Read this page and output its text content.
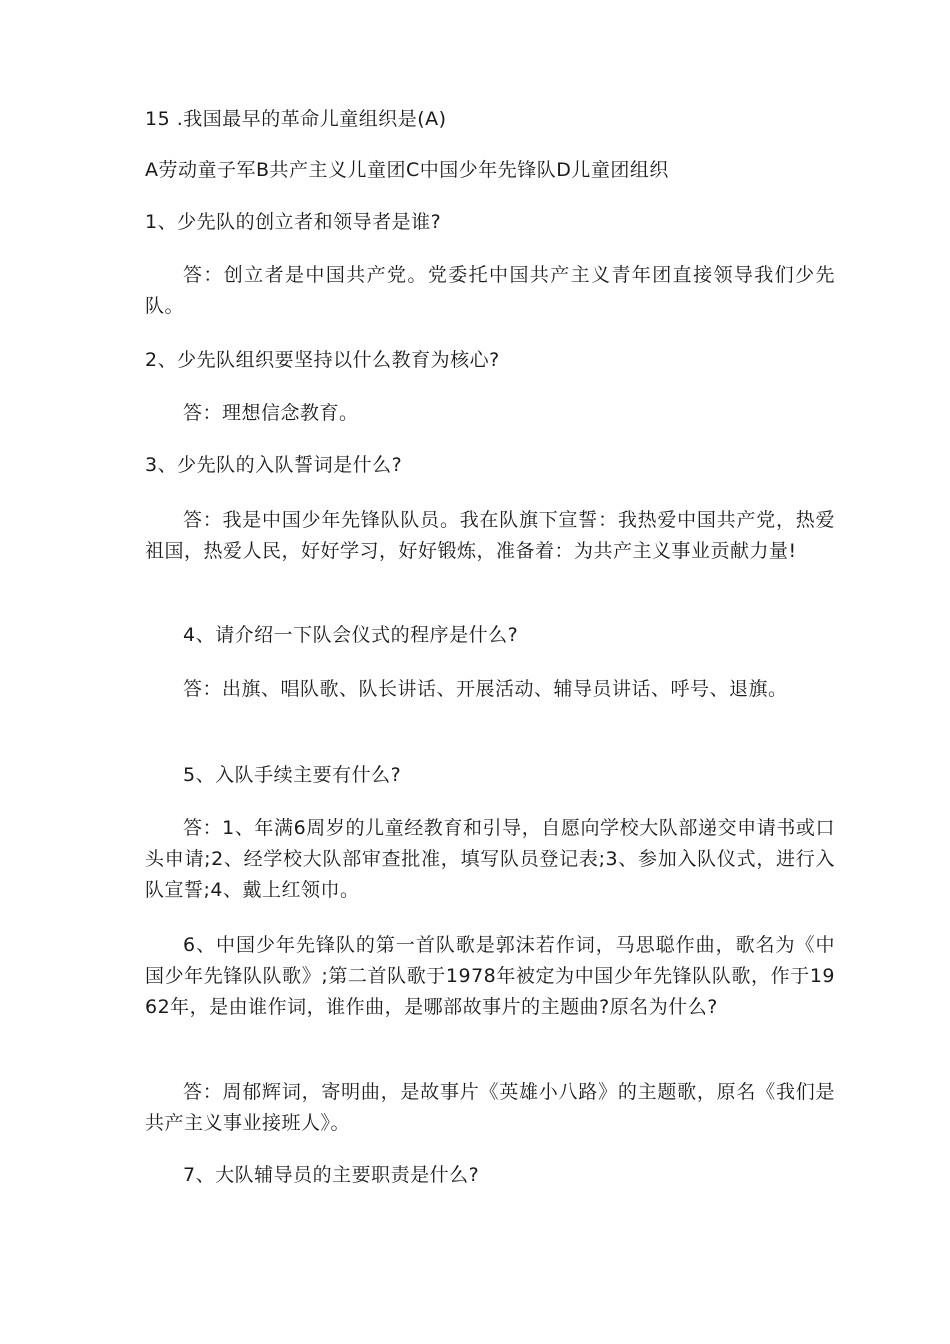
15 .我国最早的革命儿童组织是(A)

A劳动童子军B共产主义儿童团C中国少年先锋队D儿童团组织

1、少先队的创立者和领导者是谁?

答：创立者是中国共产党。党委托中国共产主义青年团直接领导我们少先队。

2、少先队组织要坚持以什么教育为核心?

答：理想信念教育。

3、少先队的入队誓词是什么?

答：我是中国少年先锋队队员。我在队旗下宣誓：我热爱中国共产党，热爱祖国，热爱人民，好好学习，好好锻炼，准备着：为共产主义事业贡献力量!

4、请介绍一下队会仪式的程序是什么?

答：出旗、唱队歌、队长讲话、开展活动、辅导员讲话、呼号、退旗。

5、入队手续主要有什么?

答：1、年满6周岁的儿童经教育和引导，自愿向学校大队部递交申请书或口头申请;2、经学校大队部审查批准，填写队员登记表;3、参加入队仪式，进行入队宣誓;4、戴上红领巾。

6、中国少年先锋队的第一首队歌是郭沫若作词，马思聪作曲，歌名为《中国少年先锋队队歌》;第二首队歌于1978年被定为中国少年先锋队队歌，作于1962年，是由谁作词，谁作曲，是哪部故事片的主题曲?原名为什么?

答：周郁辉词，寄明曲，是故事片《英雄小八路》的主题歌，原名《我们是共产主义事业接班人》。

7、大队辅导员的主要职责是什么?
